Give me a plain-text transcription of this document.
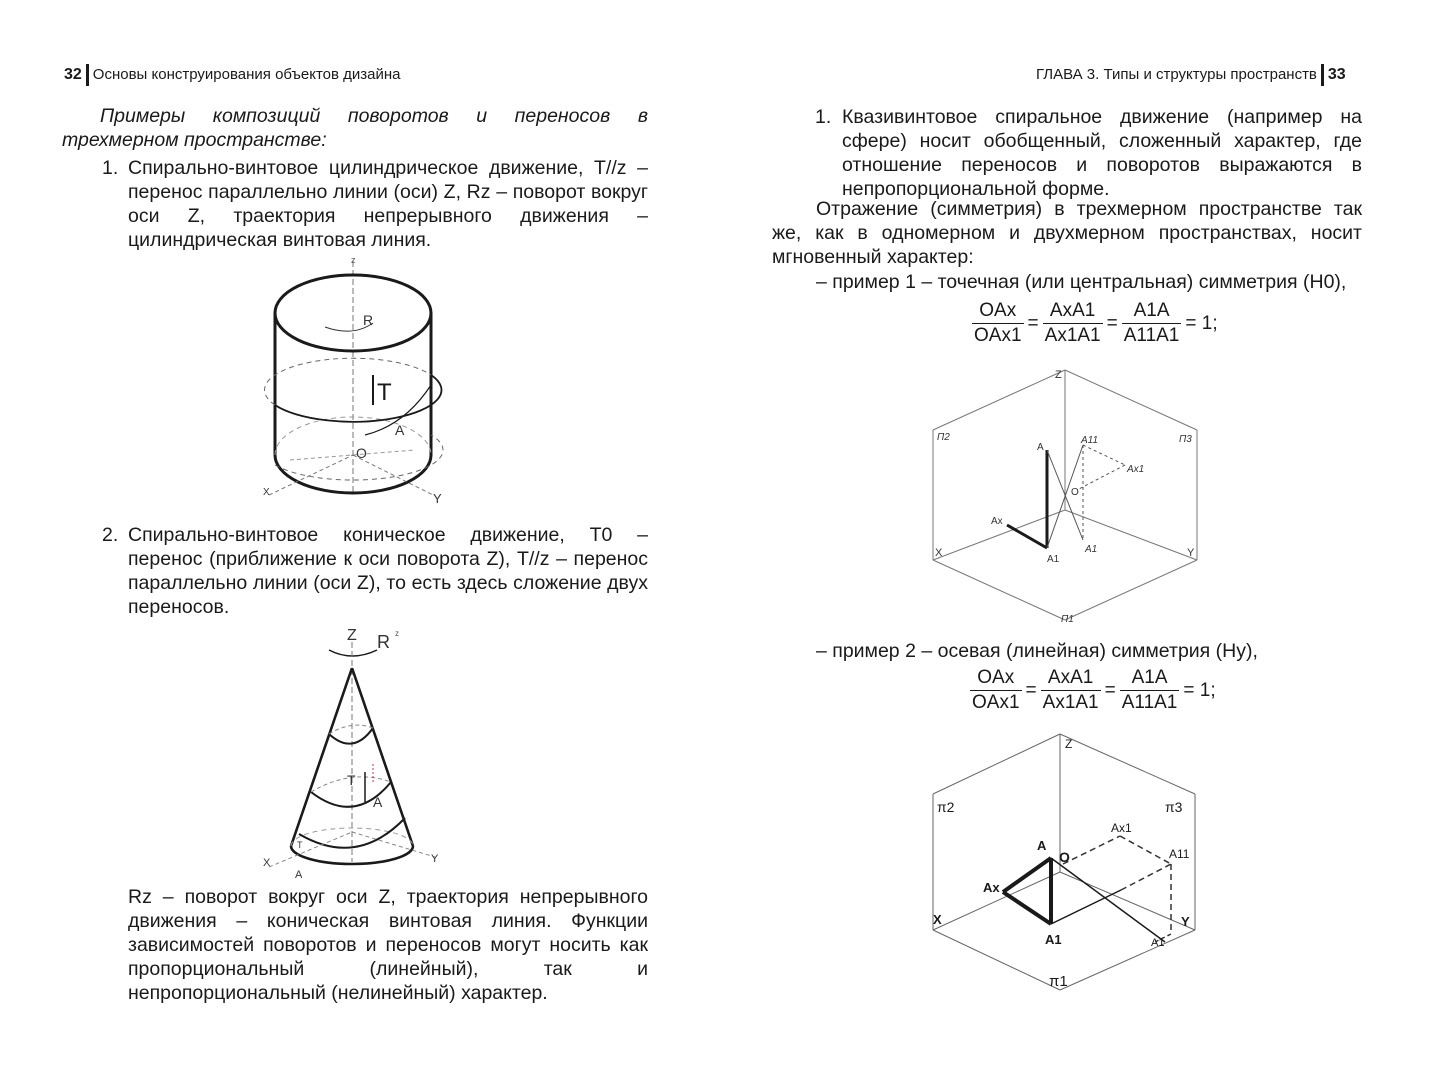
32 Основы конструирования объектов дизайна	ГЛАВА 3. Типы и структуры пространств 33
Примеры композиций поворотов и переносов в трехмерном пространстве:
1. Спирально-винтовое цилиндрическое движение, T//z – перенос параллельно линии (оси) Z, Rz – поворот вокруг оси Z, траектория непрерывного движения – цилиндрическая винтовая линия.
z
R
T
A
O
X	Y
2. Спирально-винтовое коническое движение, T0 – перенос (приближение к оси поворота Z), T//z – перенос параллельно линии (оси Z), то есть здесь сложение двух переносов.
Z R z
T
A
T
X	Y
A
Rz – поворот вокруг оси Z, траектория непрерывного движения – коническая винтовая линия. Функции зависимостей поворотов и переносов могут носить как пропорциональный (линейный), так и непропорциональный (нелинейный) характер.
1. Квазивинтовое спиральное движение (например на сфере) носит обобщенный, сложенный характер, где отношение переносов и поворотов выражаются в непропорциональной форме.
Отражение (симметрия) в трехмерном пространстве так же, как в одномерном и двухмерном пространствах, носит мгновенный характер:
– пример 1 – точечная (или центральная) симметрия (H0),
$\frac{\text{OAx}}{\text{OAx1}} = \frac{\text{AxA1}}{Ax1A1} = \frac{A1A}{A11A1} = 1$;
Z
П2	П3
П1
A
A11
Ax1
O
Ax
A1
A1
X	Y
– пример 2 – осевая (линейная) симметрия (Hy),
$\frac{\text{OAx}}{\text{OAx1}} = \frac{\text{AxA1}}{Ax1A1} = \frac{A1A}{A11A1} = 1$;
Z
π2	π3
π1
A
O
Ax1
A11
Ax
A1	A1
X	Y
